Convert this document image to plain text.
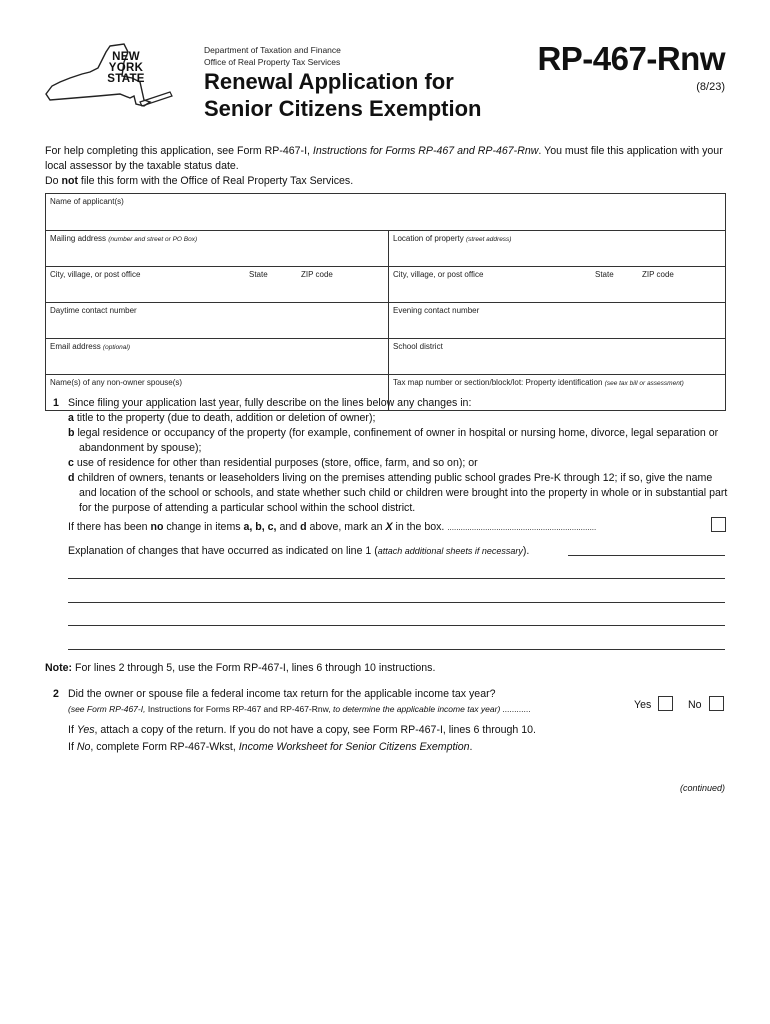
NEW YORK STATE
Department of Taxation and Finance
Office of Real Property Tax Services
Renewal Application for
Senior Citizens Exemption
RP-467-Rnw
(8/23)
For help completing this application, see Form RP-467-I, Instructions for Forms RP-467 and RP-467-Rnw. You must file this application with your local assessor by the taxable status date.
Do not file this form with the Office of Real Property Tax Services.
Name of applicant(s)	
Mailing address (number and street or PO Box)	Location of property (street address)
City, village, or post office State ZIP code	City, village, or post office State ZIP code

Daytime contact number	Evening contact number
Email address (optional)	School district
Name(s) of any non-owner spouse(s)	Tax map number or section/block/lot: Property identification (see tax bill or assessment)
1 Since filing your application last year, fully describe on the lines below any changes in:
a title to the property (due to death, addition or deletion of owner);
b legal residence or occupancy of the property (for example, confinement of owner in hospital or nursing home, divorce, legal separation or abandonment by spouse);
c use of residence for other than residential purposes (store, office, farm, and so on); or
d children of owners, tenants or leaseholders living on the premises attending public school grades Pre-K through 12; if so, give the name and location of the school or schools, and state whether such child or children were brought into the property in whole or in substantial part for the purpose of attending a particular school within the school district.
If there has been no change in items a, b, c, and d above, mark an X in the box. ...................................................................
Explanation of changes that have occurred as indicated on line 1 (attach additional sheets if necessary).
Note: For lines 2 through 5, use the Form RP-467-I, lines 6 through 10 instructions.
2 Did the owner or spouse file a federal income tax return for the applicable income tax year?
(see Form RP-467-I, Instructions for Forms RP-467 and RP-467-Rnw, to determine the applicable income tax year) ............	Yes	No
If Yes, attach a copy of the return. If you do not have a copy, see Form RP-467-I, lines 6 through 10.
If No, complete Form RP-467-Wkst, Income Worksheet for Senior Citizens Exemption.
(continued)
